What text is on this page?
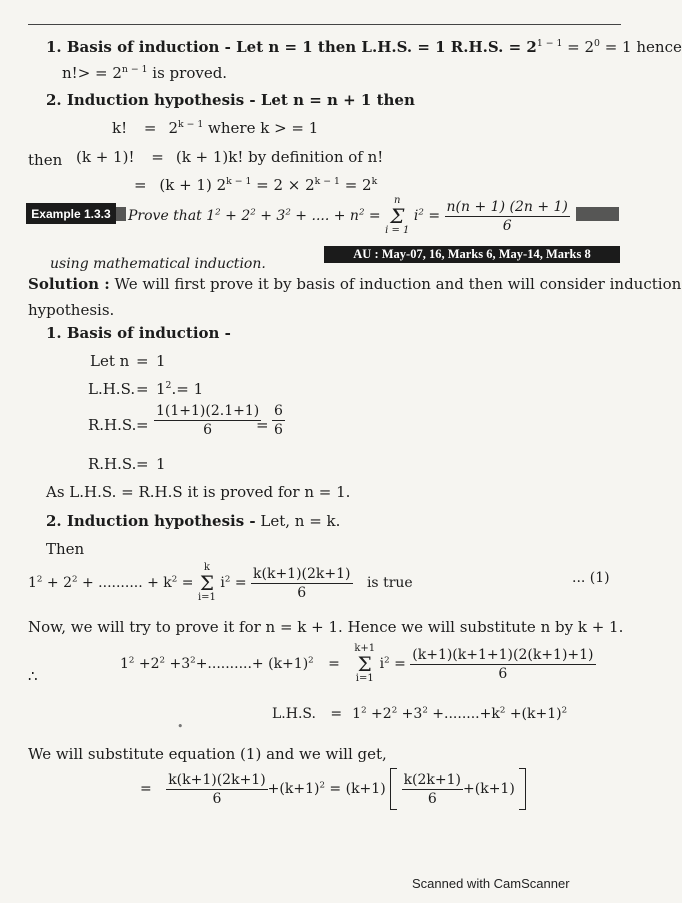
1. Basis of induction - Let n = 1 then L.H.S. = 1 R.H.S. = $2^{1 - 1} = 2^0 = 1$ hence
$n!> = 2^{n - 1}$ is proved.
2. Induction hypothesis - Let n = n + 1 then
k! = $2^{k - 1}$ where k > = 1
then (k + 1)! = (k + 1)k! by definition of n!
= (k + 1) $2^{k - 1} = 2 \times 2^{k - 1} = 2^k$
Example 1.3.3	Prove that $1^2 + 2^2 + 3^2$ + .... + $n^2$ =
n
Σ
i = 1
$i^2 = \frac{n(n + 1) (2n + 1)}{6}$
using mathematical induction.
AU : May-07, 16, Marks 6, May-14, Marks 8
Solution : We will first prove it by basis of induction and then will consider induction
hypothesis.
1. Basis of induction -
Let n = 1
L.H.S. = $1^2.= 1$
R.H.S. = $\frac{1(1+1)(2.1+1)}{6}$
= $\frac{6}{6}$
R.H.S. = 1
As L.H.S. = R.H.S it is proved for n = 1.
2. Induction hypothesis - Let, n = k.
Then
$1^2 + 2^2$ + .......... + $k^2$ =
k
Σ
i=1
$i^2 = \frac{k(k+1)(2k+1)}{6}$ is true	... (1)
Now, we will try to prove it for n = k + 1. Hence we will substitute n by k + 1.
∴
$1^2 +2^2 +3^2+..........+ (k+1)^2$ =
k+1
Σ
i=1
$i^2 = \frac{(k+1)(k+1+1)(2(k+1)+1)}{6}$
L.H.S. = $1^2 +2^2 +3^2 +........+k^2 +(k+1)^2$
•
We will substitute equation (1) and we will get,
= $\frac{k(k+1)(2k+1)}{6} +(k+1)^2 = (k+1) \frac{k(2k+1)}{6} +(k+1)$
Scanned with CamScanner
